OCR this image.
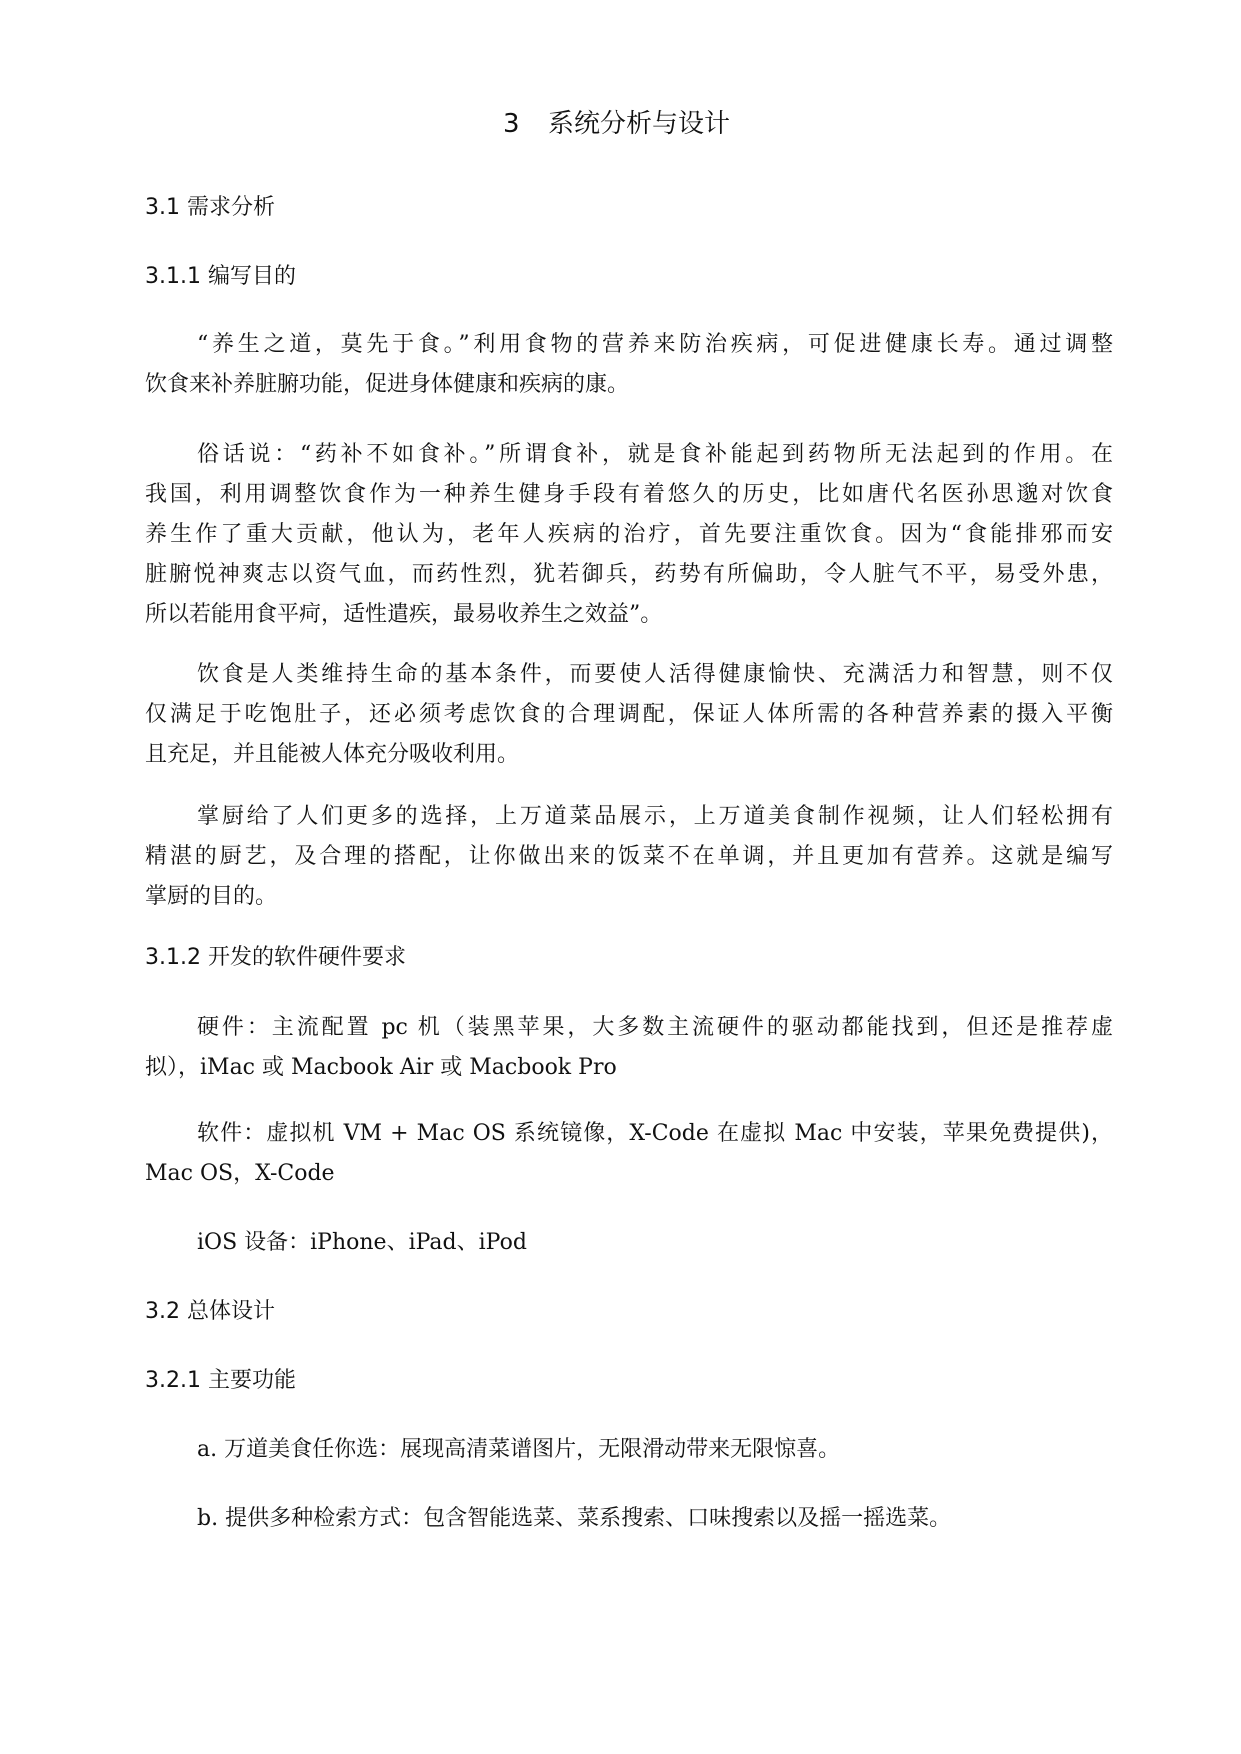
3 系统分析与设计
3.1 需求分析
3.1.1 编写目的
“养生之道，莫先于食。”利用食物的营养来防治疾病，可促进健康长寿。通过调整
饮食来补养脏腑功能，促进身体健康和疾病的康。
俗话说：“药补不如食补。”所谓食补，就是食补能起到药物所无法起到的作用。在
我国，利用调整饮食作为一种养生健身手段有着悠久的历史，比如唐代名医孙思邈对饮食
养生作了重大贡献，他认为，老年人疾病的治疗，首先要注重饮食。因为“食能排邪而安
脏腑悦神爽志以资气血，而药性烈，犹若御兵，药势有所偏助，令人脏气不平，易受外患，
所以若能用食平疴，适性遣疾，最易收养生之效益”。
饮食是人类维持生命的基本条件，而要使人活得健康愉快、充满活力和智慧，则不仅
仅满足于吃饱肚子，还必须考虑饮食的合理调配，保证人体所需的各种营养素的摄入平衡
且充足，并且能被人体充分吸收利用。
掌厨给了人们更多的选择，上万道菜品展示，上万道美食制作视频，让人们轻松拥有
精湛的厨艺，及合理的搭配，让你做出来的饭菜不在单调，并且更加有营养。这就是编写
掌厨的目的。
3.1.2 开发的软件硬件要求
硬件：主流配置 pc 机（装黑苹果，大多数主流硬件的驱动都能找到，但还是推荐虚
拟），iMac 或 Macbook Air 或 Macbook Pro
软件：虚拟机 VM + Mac OS 系统镜像，X-Code 在虚拟 Mac 中安装，苹果免费提供)，
Mac OS，X-Code
iOS 设备：iPhone、iPad、iPod
3.2 总体设计
3.2.1 主要功能
a. 万道美食任你选：展现高清菜谱图片，无限滑动带来无限惊喜。
b. 提供多种检索方式：包含智能选菜、菜系搜索、口味搜索以及摇一摇选菜。
